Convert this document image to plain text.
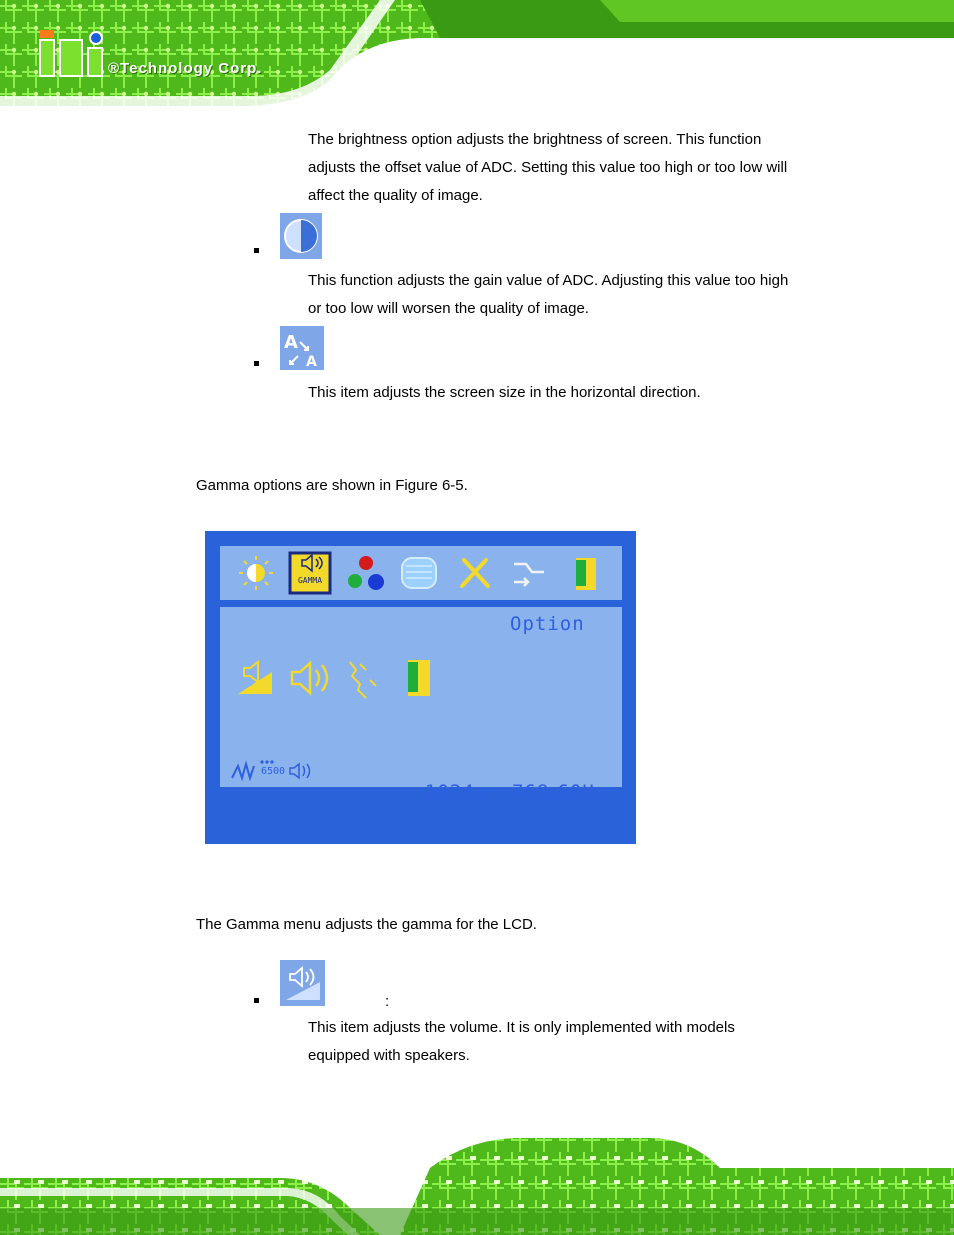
®Technology Corp.
The brightness option adjusts the brightness of screen. This function
adjusts the offset value of ADC. Setting this value too high or too low will
affect the quality of image.
This function adjusts the gain value of ADC. Adjusting this value too high
or too low will worsen the quality of image.
A
A
This item adjusts the screen size in the horizontal direction.
Gamma options are shown in Figure 6-5.
GAMMA
Option
6500

1024x  768@60Hz

The Gamma menu adjusts the gamma for the LCD.
:
This item adjusts the volume. It is only implemented with models
equipped with speakers.
